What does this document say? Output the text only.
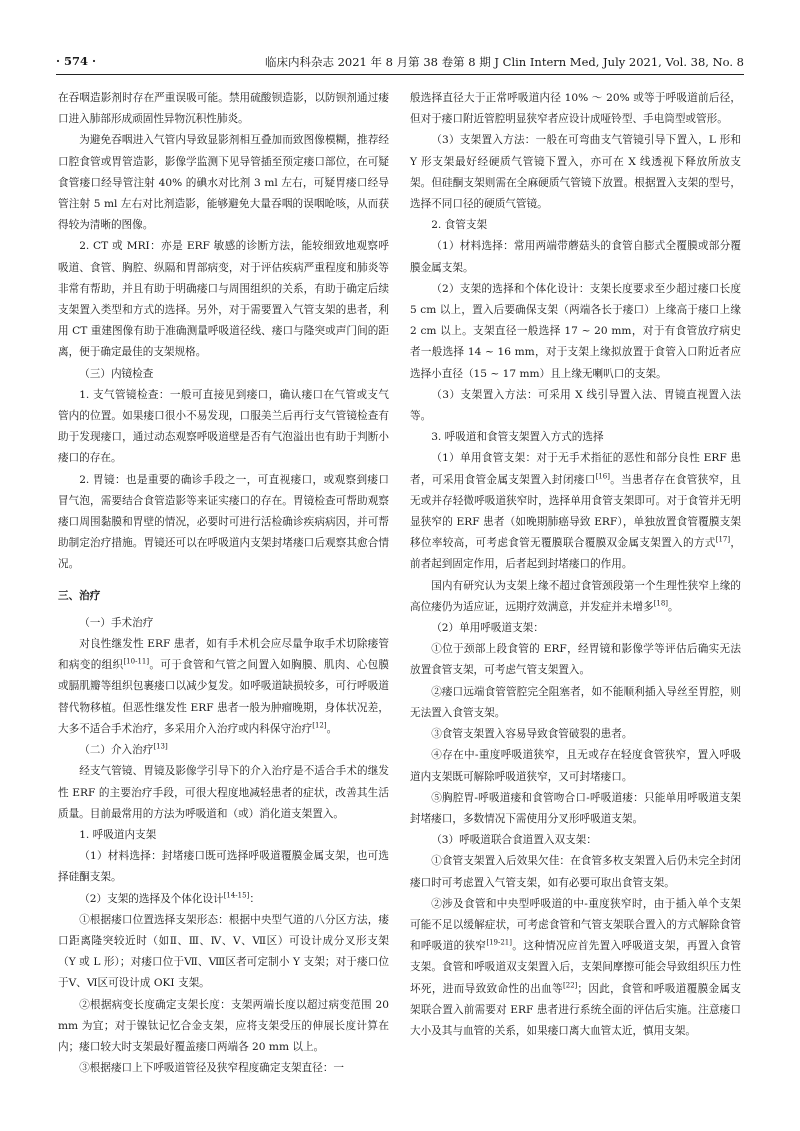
· 574 ·	临床内科杂志 2021 年 8 月第 38 卷第 8 期 J Clin Intern Med, July 2021, Vol. 38, No. 8

在吞咽造影剂时存在严重误吸可能。禁用硫酸钡造影，以防钡剂通过瘘口进入肺部形成顽固性异物沉积性肺炎。

为避免吞咽进入气管内导致显影剂相互叠加而致图像模糊，推荐经口腔食管或胃管造影，影像学监测下见导管插至预定瘘口部位，在可疑食管瘘口经导管注射 40% 的碘水对比剂 3 ml 左右，可疑胃瘘口经导管注射 5 ml 左右对比剂造影，能够避免大量吞咽的误咽呛咳，从而获得较为清晰的图像。

2. CT 或 MRI：亦是 ERF 敏感的诊断方法，能较细致地观察呼吸道、食管、胸腔、纵隔和胃部病变，对于评估疾病严重程度和肺炎等非常有帮助，并且有助于明确瘘口与周围组织的关系，有助于确定后续支架置入类型和方式的选择。另外，对于需要置入气管支架的患者，利用 CT 重建图像有助于准确测量呼吸道径线、瘘口与隆突或声门间的距离，便于确定最佳的支架规格。

（三）内镜检查

1. 支气管镜检查：一般可直接见到瘘口，确认瘘口在气管或支气管内的位置。如果瘘口很小不易发现，口服美兰后再行支气管镜检查有助于发现瘘口，通过动态观察呼吸道壁是否有气泡溢出也有助于判断小瘘口的存在。

2. 胃镜：也是重要的确诊手段之一，可直视瘘口，或观察到瘘口冒气泡，需要结合食管造影等来证实瘘口的存在。胃镜检查可帮助观察瘘口周围黏膜和胃壁的情况，必要时可进行活检确诊疾病病因，并可帮助制定治疗措施。胃镜还可以在呼吸道内支架封堵瘘口后观察其愈合情况。

三、治疗

（一）手术治疗

对良性继发性 ERF 患者，如有手术机会应尽量争取手术切除瘘管和病变的组织[10-11]。可于食管和气管之间置入如胸膜、肌肉、心包膜或膈肌瓣等组织包裹瘘口以减少复发。如呼吸道缺损较多，可行呼吸道替代物移植。但恶性继发性 ERF 患者一般为肿瘤晚期，身体状况差，大多不适合手术治疗，多采用介入治疗或内科保守治疗[12]。

（二）介入治疗[13]

经支气管镜、胃镜及影像学引导下的介入治疗是不适合手术的继发性 ERF 的主要治疗手段，可很大程度地减轻患者的症状，改善其生活质量。目前最常用的方法为呼吸道和（或）消化道支架置入。

1. 呼吸道内支架

（1）材料选择：封堵瘘口既可选择呼吸道覆膜金属支架，也可选择硅酮支架。

（2）支架的选择及个体化设计[14-15]：

①根据瘘口位置选择支架形态：根据中央型气道的八分区方法，瘘口距离隆突较近时（如Ⅱ、Ⅲ、Ⅳ、Ⅴ、Ⅶ区）可设计成分叉形支架（Y 或 L 形）；对瘘口位于Ⅶ、Ⅷ区者可定制小 Y 支架；对于瘘口位于Ⅴ、Ⅵ区可设计成 OKI 支架。

②根据病变长度确定支架长度：支架两端长度以超过病变范围 20 mm 为宜；对于镍钛记忆合金支架，应将支架受压的伸展长度计算在内；瘘口较大时支架最好覆盖瘘口两端各 20 mm 以上。

③根据瘘口上下呼吸道管径及狭窄程度确定支架直径：一

般选择直径大于正常呼吸道内径 10% ～ 20% 或等于呼吸道前后径，但对于瘘口附近管腔明显狭窄者应设计成哑铃型、手电筒型或管形。

（3）支架置入方法：一般在可弯曲支气管镜引导下置入，L 形和 Y 形支架最好经硬质气管镜下置入，亦可在 X 线透视下释放所放支架。但硅酮支架则需在全麻硬质气管镜下放置。根据置入支架的型号，选择不同口径的硬质气管镜。

2. 食管支架

（1）材料选择：常用两端带蘑菇头的食管自膨式全覆膜或部分覆膜金属支架。

（2）支架的选择和个体化设计：支架长度要求至少超过瘘口长度 5 cm 以上，置入后要确保支架（两端各长于瘘口）上缘高于瘘口上缘 2 cm 以上。支架直径一般选择 17 ~ 20 mm，对于有食管放疗病史者一般选择 14 ~ 16 mm，对于支架上缘拟放置于食管入口附近者应选择小直径（15 ~ 17 mm）且上缘无喇叭口的支架。

（3）支架置入方法：可采用 X 线引导置入法、胃镜直视置入法等。

3. 呼吸道和食管支架置入方式的选择

（1）单用食管支架：对于无手术指征的恶性和部分良性 ERF 患者，可采用食管金属支架置入封闭瘘口[16]。当患者存在食管狭窄，且无或并存轻微呼吸道狭窄时，选择单用食管支架即可。对于食管并无明显狭窄的 ERF 患者（如晚期肺癌导致 ERF），单独放置食管覆膜支架移位率较高，可考虑食管无覆膜联合覆膜双金属支架置入的方式[17]，前者起到固定作用，后者起到封堵瘘口的作用。

国内有研究认为支架上缘不超过食管颈段第一个生理性狭窄上缘的高位瘘仍为适应证，远期疗效满意，并发症并未增多[18]。

（2）单用呼吸道支架：

①位于颈部上段食管的 ERF，经胃镜和影像学等评估后确实无法放置食管支架，可考虑气管支架置入。

②瘘口远端食管管腔完全阻塞者，如不能顺利插入导丝至胃腔，则无法置入食管支架。

③食管支架置入容易导致食管破裂的患者。

④存在中-重度呼吸道狭窄，且无或存在轻度食管狭窄，置入呼吸道内支架既可解除呼吸道狭窄，又可封堵瘘口。

⑤胸腔胃-呼吸道瘘和食管吻合口-呼吸道瘘：只能单用呼吸道支架封堵瘘口，多数情况下需使用分叉形呼吸道支架。

（3）呼吸道联合食道置入双支架：

①食管支架置入后效果欠佳：在食管多枚支架置入后仍未完全封闭瘘口时可考虑置入气管支架，如有必要可取出食管支架。

②涉及食管和中央型呼吸道的中-重度狭窄时，由于插入单个支架可能不足以缓解症状，可考虑食管和气管支架联合置入的方式解除食管和呼吸道的狭窄[19-21]。这种情况应首先置入呼吸道支架，再置入食管支架。食管和呼吸道双支架置入后，支架间摩擦可能会导致组织压力性坏死，进而导致致命性的出血等[22]；因此，食管和呼吸道覆膜金属支架联合置入前需要对 ERF 患者进行系统全面的评估后实施。注意瘘口大小及其与血管的关系，如果瘘口离大血管太近，慎用支架。
